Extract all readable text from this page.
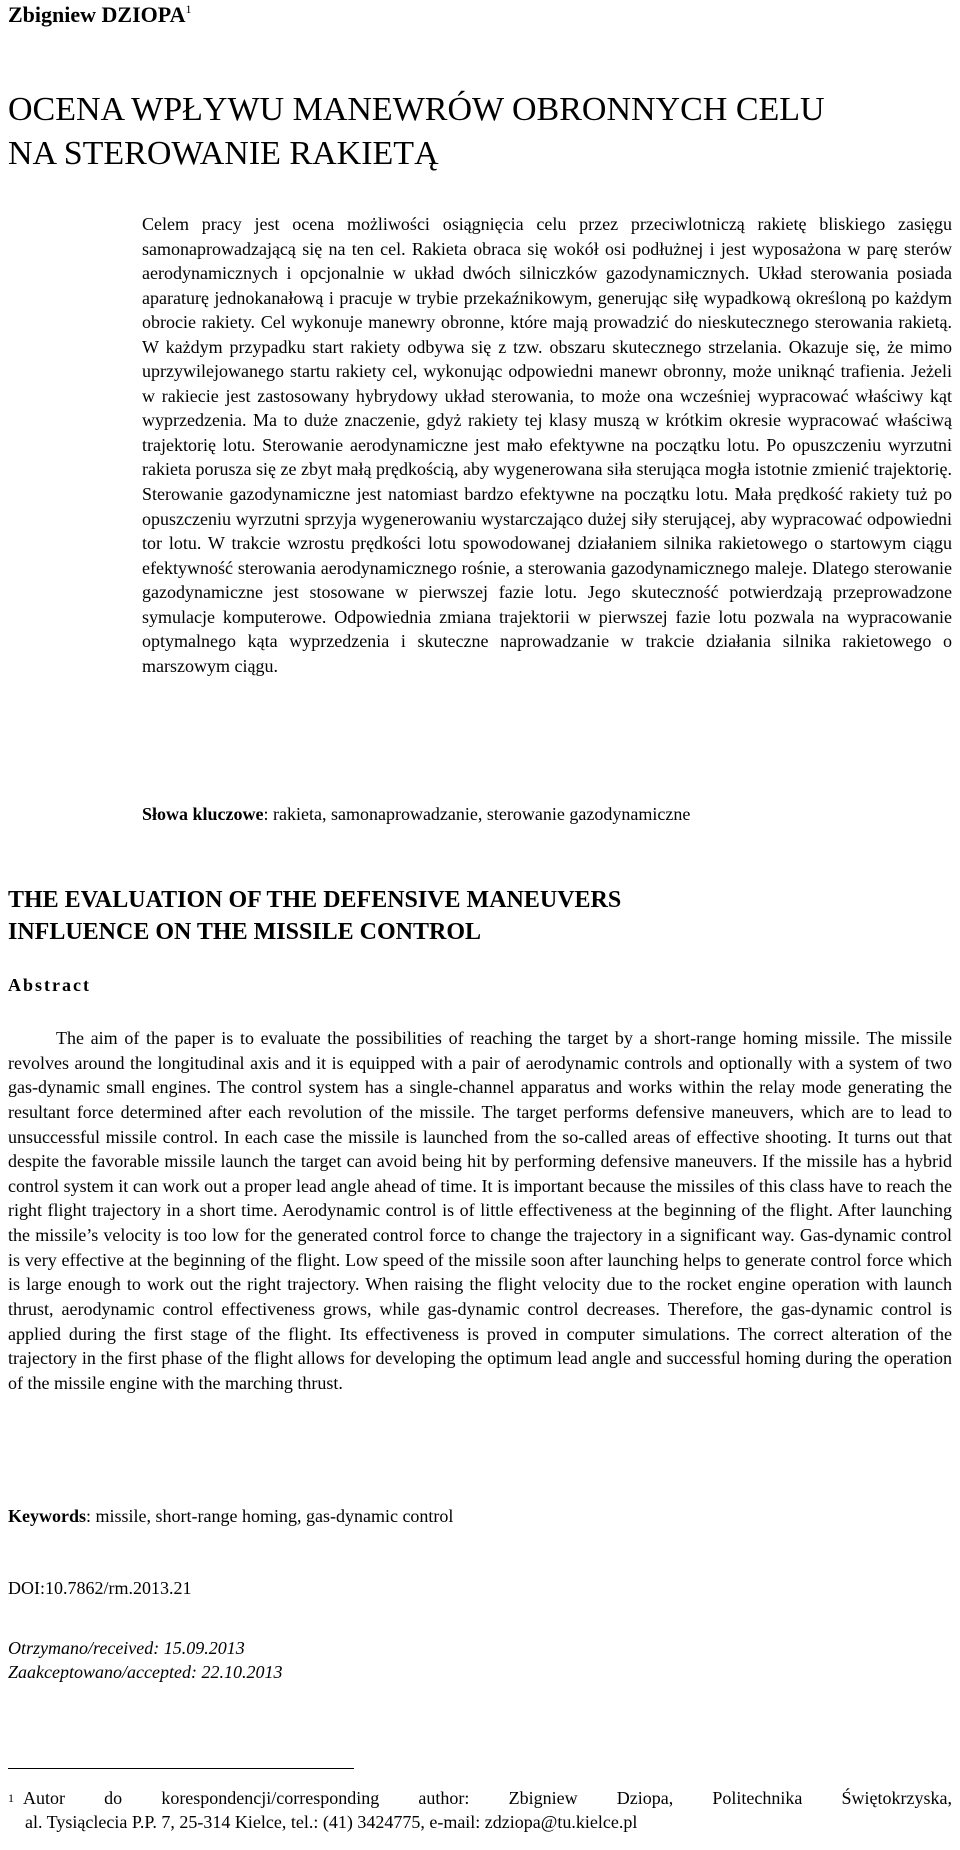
Zbigniew DZIOPA$^1$
OCENA WPŁYWU MANEWRÓW OBRONNYCH CELU
NA STEROWANIE RAKIETĄ

Celem pracy jest ocena możliwości osiągnięcia celu przez przeciwlotniczą rakietę bliskiego zasięgu samonaprowadzającą się na ten cel. Rakieta obraca się wokół osi podłużnej i jest wyposażona w parę sterów aerodynamicznych i opcjonalnie w układ dwóch silniczków gazodynamicznych. Układ sterowania posiada aparaturę jednokanałową i pracuje w trybie przekaźnikowym, generując siłę wypadkową określoną po każdym obrocie rakiety. Cel wykonuje manewry obronne, które mają prowadzić do nieskutecznego sterowania rakietą. W każdym przypadku start rakiety odbywa się z tzw. obszaru skutecznego strzelania. Okazuje się, że mimo uprzywilejowanego startu rakiety cel, wykonując odpowiedni manewr obronny, może uniknąć trafienia. Jeżeli w rakiecie jest zastosowany hybrydowy układ sterowania, to może ona wcześniej wypracować właściwy kąt wyprzedzenia. Ma to duże znaczenie, gdyż rakiety tej klasy muszą w krótkim okresie wypracować właściwą trajektorię lotu. Sterowanie aerodynamiczne jest mało efektywne na początku lotu. Po opuszczeniu wyrzutni rakieta porusza się ze zbyt małą prędkością, aby wygenerowana siła sterująca mogła istotnie zmienić trajektorię. Sterowanie gazodynamiczne jest natomiast bardzo efektywne na początku lotu. Mała prędkość rakiety tuż po opuszczeniu wyrzutni sprzyja wygenerowaniu wystarczająco dużej siły sterującej, aby wypracować odpowiedni tor lotu. W trakcie wzrostu prędkości lotu spowodowanej działaniem silnika rakietowego o startowym ciągu efektywność sterowania aerodynamicznego rośnie, a sterowania gazodynamicznego maleje. Dlatego sterowanie gazodynamiczne jest stosowane w pierwszej fazie lotu. Jego skuteczność potwierdzają przeprowadzone symulacje komputerowe. Odpowiednia zmiana trajektorii w pierwszej fazie lotu pozwala na wypracowanie optymalnego kąta wyprzedzenia i skuteczne naprowadzanie w trakcie działania silnika rakietowego o marszowym ciągu.

Słowa kluczowe: rakieta, samonaprowadzanie, sterowanie gazodynamiczne

THE EVALUATION OF THE DEFENSIVE MANEUVERS
INFLUENCE ON THE MISSILE CONTROL
Abstract

The aim of the paper is to evaluate the possibilities of reaching the target by a short-range homing missile. The missile revolves around the longitudinal axis and it is equipped with a pair of aerodynamic controls and optionally with a system of two gas-dynamic small engines. The control system has a single-channel apparatus and works within the relay mode generating the resultant force determined after each revolution of the missile. The target performs defensive maneuvers, which are to lead to unsuccessful missile control. In each case the missile is launched from the so-called areas of effective shooting. It turns out that despite the favorable missile launch the target can avoid being hit by performing defensive maneuvers. If the missile has a hybrid control system it can work out a proper lead angle ahead of time. It is important because the missiles of this class have to reach the right flight trajectory in a short time. Aerodynamic control is of little effectiveness at the beginning of the flight. After launching the missile’s velocity is too low for the generated control force to change the trajectory in a significant way. Gas-dynamic control is very effective at the beginning of the flight. Low speed of the missile soon after launching helps to generate control force which is large enough to work out the right trajectory. When raising the flight velocity due to the rocket engine operation with launch thrust, aerodynamic control effectiveness grows, while gas-dynamic control decreases. Therefore, the gas-dynamic control is applied during the first stage of the flight. Its effectiveness is proved in computer simulations. The correct alteration of the trajectory in the first phase of the flight allows for developing the optimum lead angle and successful homing during the operation of the missile engine with the marching thrust.

Keywords: missile, short-range homing, gas-dynamic control

DOI:10.7862/rm.2013.21

Otrzymano/received: 15.09.2013
Zaakceptowano/accepted: 22.10.2013
$^1$ Autor do korespondencji/corresponding author: Zbigniew Dziopa, Politechnika Świętokrzyska,
al. Tysiąclecia P.P. 7, 25-314 Kielce, tel.: (41) 3424775, e-mail: zdziopa@tu.kielce.pl
